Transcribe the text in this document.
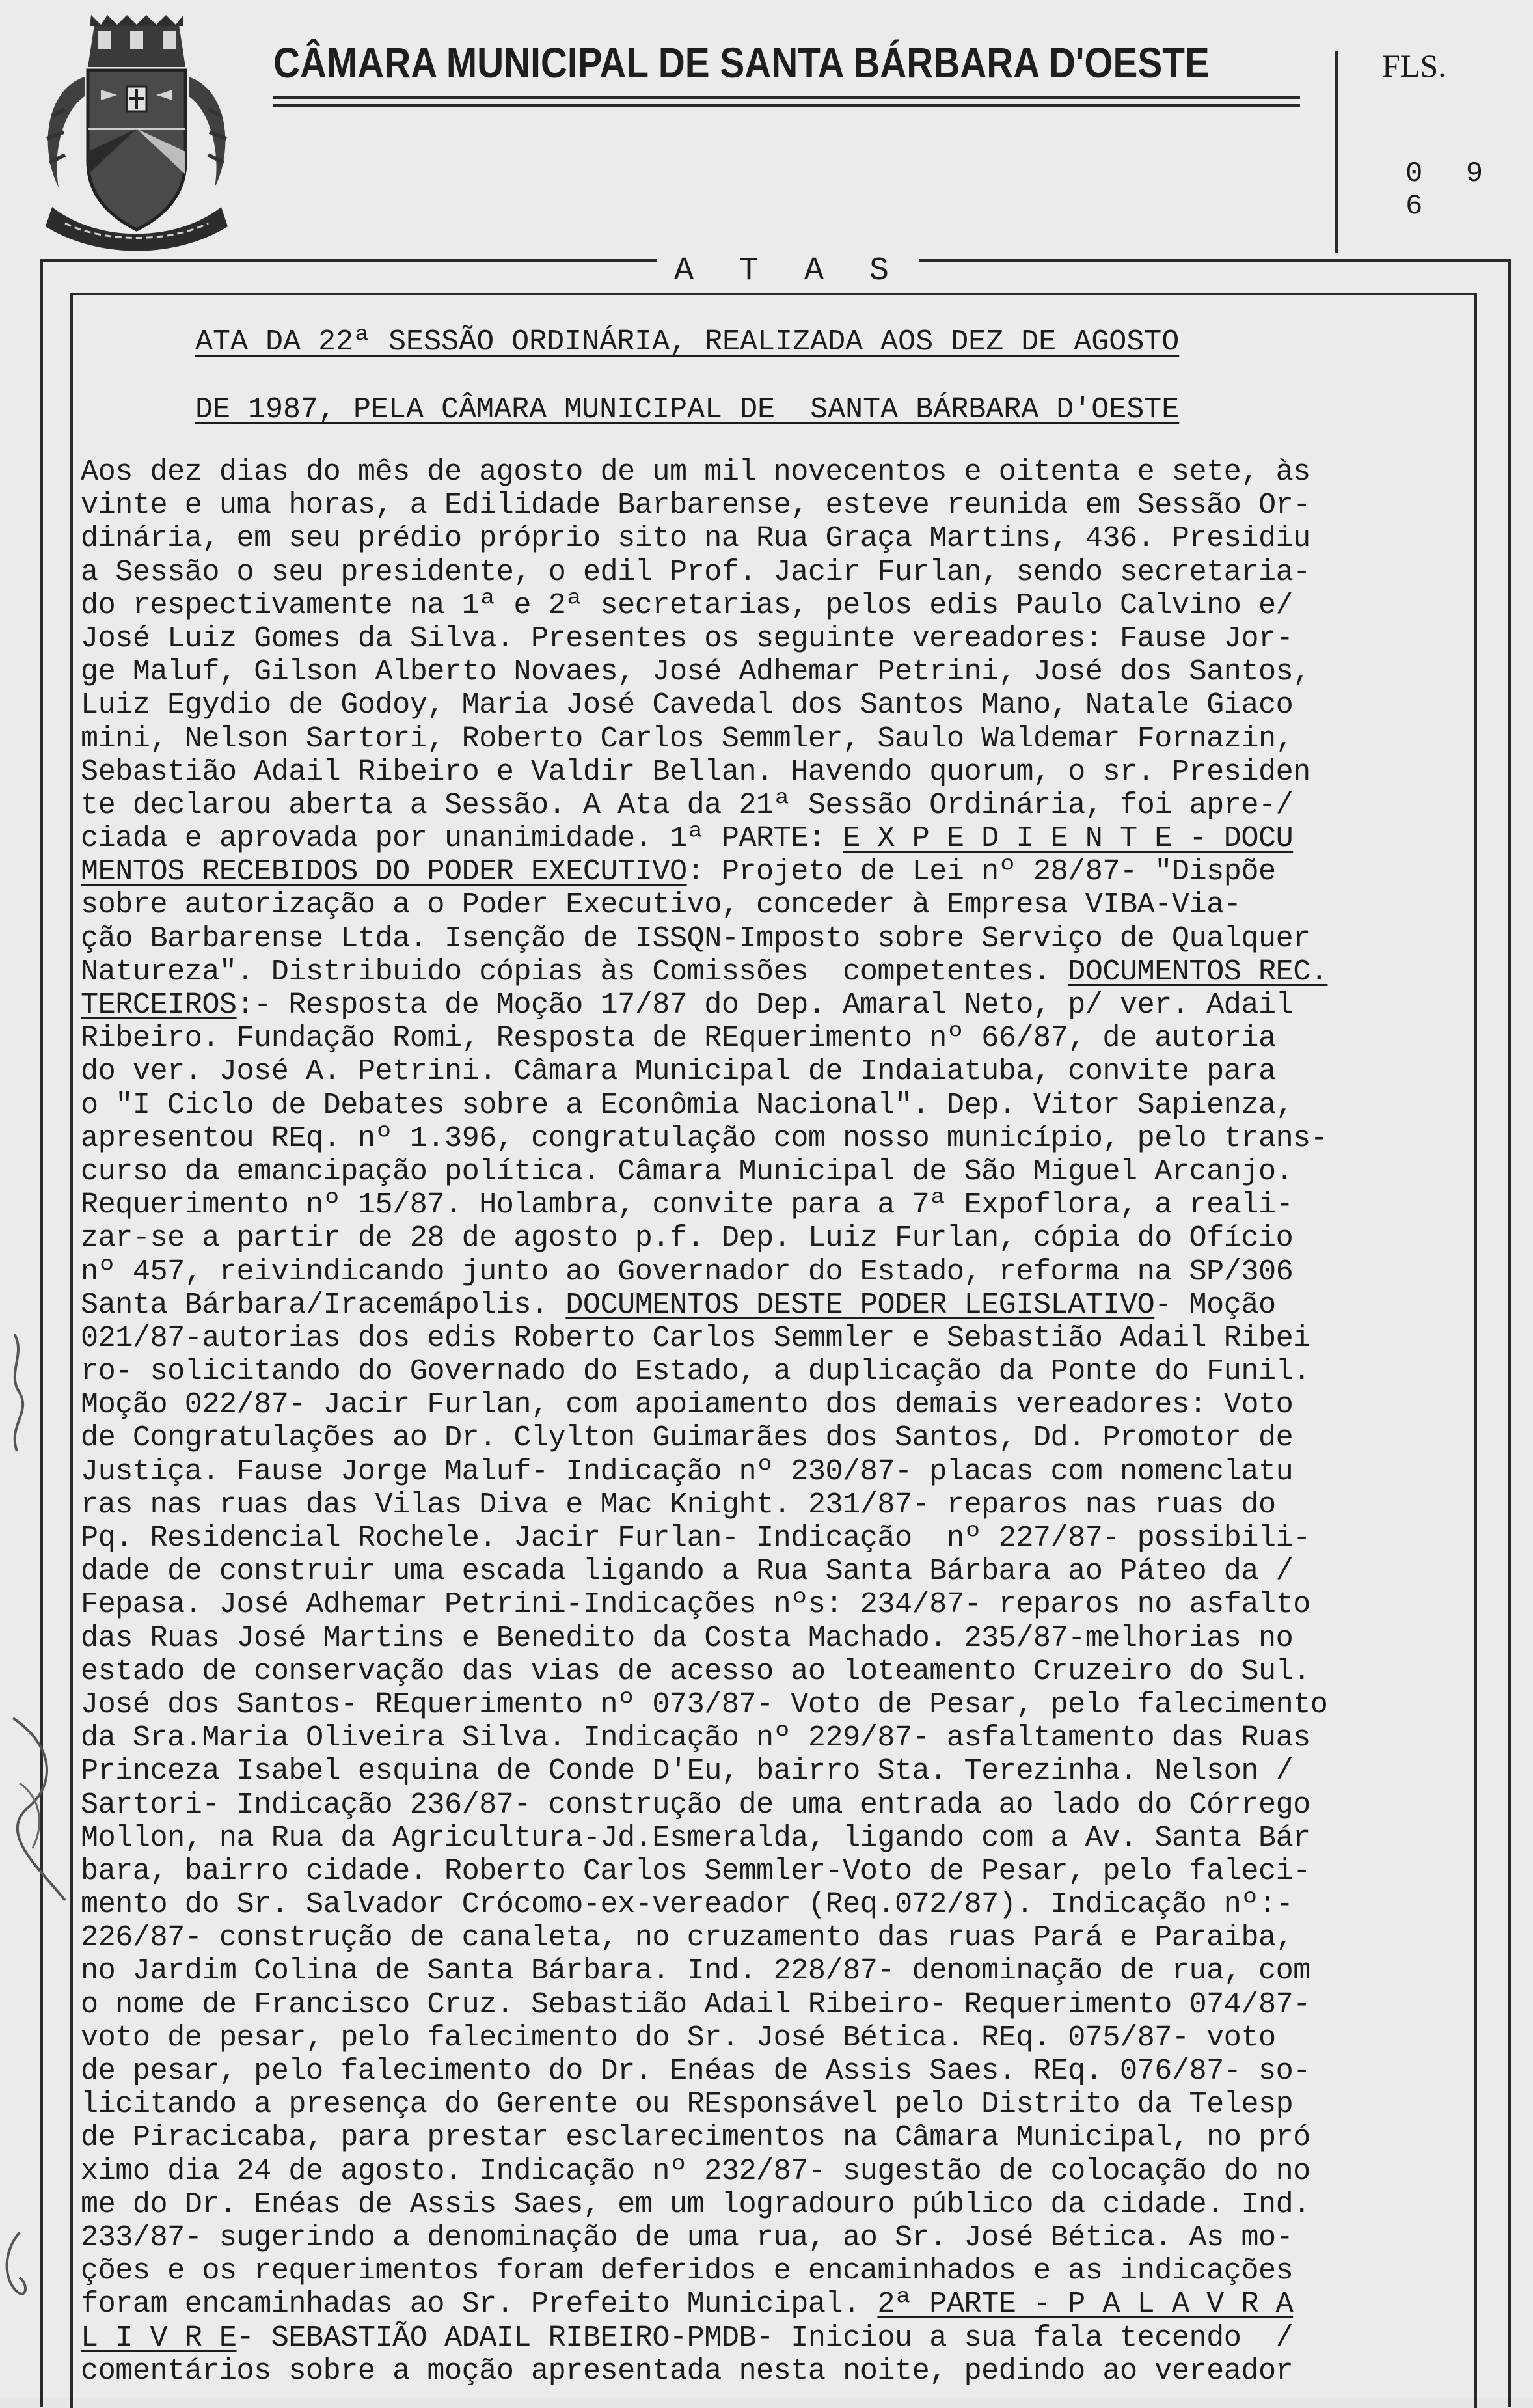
CÂMARA MUNICIPAL DE SANTA BÁRBARA D'OESTE	FLS.
0 9 6
A T A S
ATA DA 22ª SESSÃO ORDINÁRIA, REALIZADA AOS DEZ DE AGOSTO
DE 1987, PELA CÂMARA MUNICIPAL DE  SANTA BÁRBARA D'OESTE
Aos dez dias do mês de agosto de um mil novecentos e oitenta e sete, às
vinte e uma horas, a Edilidade Barbarense, esteve reunida em Sessão Or-
dinária, em seu prédio próprio sito na Rua Graça Martins, 436. Presidiu
a Sessão o seu presidente, o edil Prof. Jacir Furlan, sendo secretaria-
do respectivamente na 1ª e 2ª secretarias, pelos edis Paulo Calvino e/
José Luiz Gomes da Silva. Presentes os seguinte vereadores: Fause Jor-
ge Maluf, Gilson Alberto Novaes, José Adhemar Petrini, José dos Santos,
Luiz Egydio de Godoy, Maria José Cavedal dos Santos Mano, Natale Giaco
mini, Nelson Sartori, Roberto Carlos Semmler, Saulo Waldemar Fornazin,
Sebastião Adail Ribeiro e Valdir Bellan. Havendo quorum, o sr. Presiden
te declarou aberta a Sessão. A Ata da 21ª Sessão Ordinária, foi apre-/
ciada e aprovada por unanimidade. 1ª PARTE: E X P E D I E N T E - DOCU
MENTOS RECEBIDOS DO PODER EXECUTIVO: Projeto de Lei nº 28/87- "Dispõe
sobre autorização a o Poder Executivo, conceder à Empresa VIBA-Via-
ção Barbarense Ltda. Isenção de ISSQN-Imposto sobre Serviço de Qualquer
Natureza". Distribuido cópias às Comissões  competentes. DOCUMENTOS REC.
TERCEIROS:- Resposta de Moção 17/87 do Dep. Amaral Neto, p/ ver. Adail
Ribeiro. Fundação Romi, Resposta de REquerimento nº 66/87, de autoria
do ver. José A. Petrini. Câmara Municipal de Indaiatuba, convite para
o "I Ciclo de Debates sobre a Econômia Nacional". Dep. Vitor Sapienza,
apresentou REq. nº 1.396, congratulação com nosso município, pelo trans-
curso da emancipação política. Câmara Municipal de São Miguel Arcanjo.
Requerimento nº 15/87. Holambra, convite para a 7ª Expoflora, a reali-
zar-se a partir de 28 de agosto p.f. Dep. Luiz Furlan, cópia do Ofício
nº 457, reivindicando junto ao Governador do Estado, reforma na SP/306
Santa Bárbara/Iracemápolis. DOCUMENTOS DESTE PODER LEGISLATIVO- Moção
021/87-autorias dos edis Roberto Carlos Semmler e Sebastião Adail Ribei
ro- solicitando do Governado do Estado, a duplicação da Ponte do Funil.
Moção 022/87- Jacir Furlan, com apoiamento dos demais vereadores: Voto
de Congratulações ao Dr. Clylton Guimarães dos Santos, Dd. Promotor de
Justiça. Fause Jorge Maluf- Indicação nº 230/87- placas com nomenclatu
ras nas ruas das Vilas Diva e Mac Knight. 231/87- reparos nas ruas do
Pq. Residencial Rochele. Jacir Furlan- Indicação  nº 227/87- possibili-
dade de construir uma escada ligando a Rua Santa Bárbara ao Páteo da /
Fepasa. José Adhemar Petrini-Indicações nºs: 234/87- reparos no asfalto
das Ruas José Martins e Benedito da Costa Machado. 235/87-melhorias no
estado de conservação das vias de acesso ao loteamento Cruzeiro do Sul.
José dos Santos- REquerimento nº 073/87- Voto de Pesar, pelo falecimento
da Sra.Maria Oliveira Silva. Indicação nº 229/87- asfaltamento das Ruas
Princeza Isabel esquina de Conde D'Eu, bairro Sta. Terezinha. Nelson /
Sartori- Indicação 236/87- construção de uma entrada ao lado do Córrego
Mollon, na Rua da Agricultura-Jd.Esmeralda, ligando com a Av. Santa Bár
bara, bairro cidade. Roberto Carlos Semmler-Voto de Pesar, pelo faleci-
mento do Sr. Salvador Crócomo-ex-vereador (Req.072/87). Indicação nº:-
226/87- construção de canaleta, no cruzamento das ruas Pará e Paraiba,
no Jardim Colina de Santa Bárbara. Ind. 228/87- denominação de rua, com
o nome de Francisco Cruz. Sebastião Adail Ribeiro- Requerimento 074/87-
voto de pesar, pelo falecimento do Sr. José Bética. REq. 075/87- voto
de pesar, pelo falecimento do Dr. Enéas de Assis Saes. REq. 076/87- so-
licitando a presença do Gerente ou REsponsável pelo Distrito da Telesp
de Piracicaba, para prestar esclarecimentos na Câmara Municipal, no pró
ximo dia 24 de agosto. Indicação nº 232/87- sugestão de colocação do no
me do Dr. Enéas de Assis Saes, em um logradouro público da cidade. Ind.
233/87- sugerindo a denominação de uma rua, ao Sr. José Bética. As mo-
ções e os requerimentos foram deferidos e encaminhados e as indicações
foram encaminhadas ao Sr. Prefeito Municipal. 2ª PARTE - P A L A V R A
L I V R E- SEBASTIÃO ADAIL RIBEIRO-PMDB- Iniciou a sua fala tecendo  /
comentários sobre a moção apresentada nesta noite, pedindo ao vereador
